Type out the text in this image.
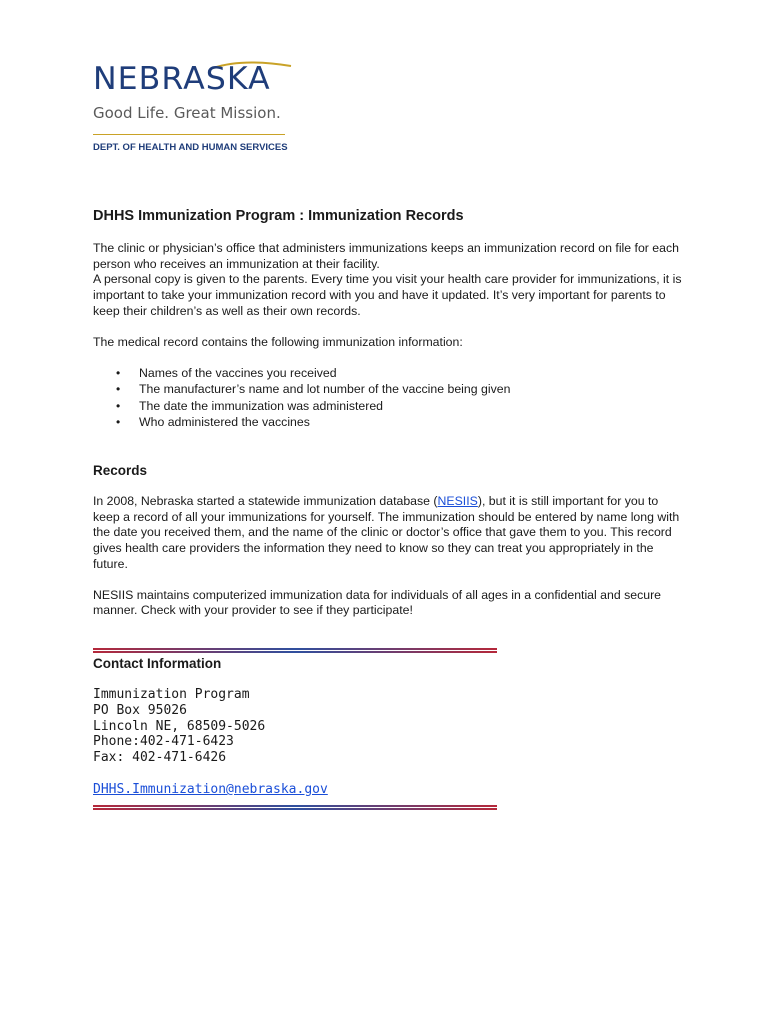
NEBRASKA
Good Life. Great Mission.
DEPT. OF HEALTH AND HUMAN SERVICES
DHHS Immunization Program : Immunization Records

The clinic or physician’s office that administers immunizations keeps an immunization record on file for each person who receives an immunization at their facility.

A personal copy is given to the parents. Every time you visit your health care provider for immunizations, it is important to take your immunization record with you and have it updated. It’s very important for parents to keep their children’s as well as their own records.

The medical record contains the following immunization information:

• Names of the vaccines you received
• The manufacturer’s name and lot number of the vaccine being given
• The date the immunization was administered
• Who administered the vaccines
Records

In 2008, Nebraska started a statewide immunization database (NESIIS), but it is still important for you to keep a record of all your immunizations for yourself. The immunization should be entered by name long with the date you received them, and the name of the clinic or doctor’s office that gave them to you. This record gives health care providers the information they need to know so they can treat you appropriately in the future.

NESIIS maintains computerized immunization data for individuals of all ages in a confidential and secure manner. Check with your provider to see if they participate!

Contact Information
Immunization Program
PO Box 95026
Lincoln NE, 68509-5026
Phone:402-471-6423
Fax: 402-471-6426
DHHS.Immunization@nebraska.gov
